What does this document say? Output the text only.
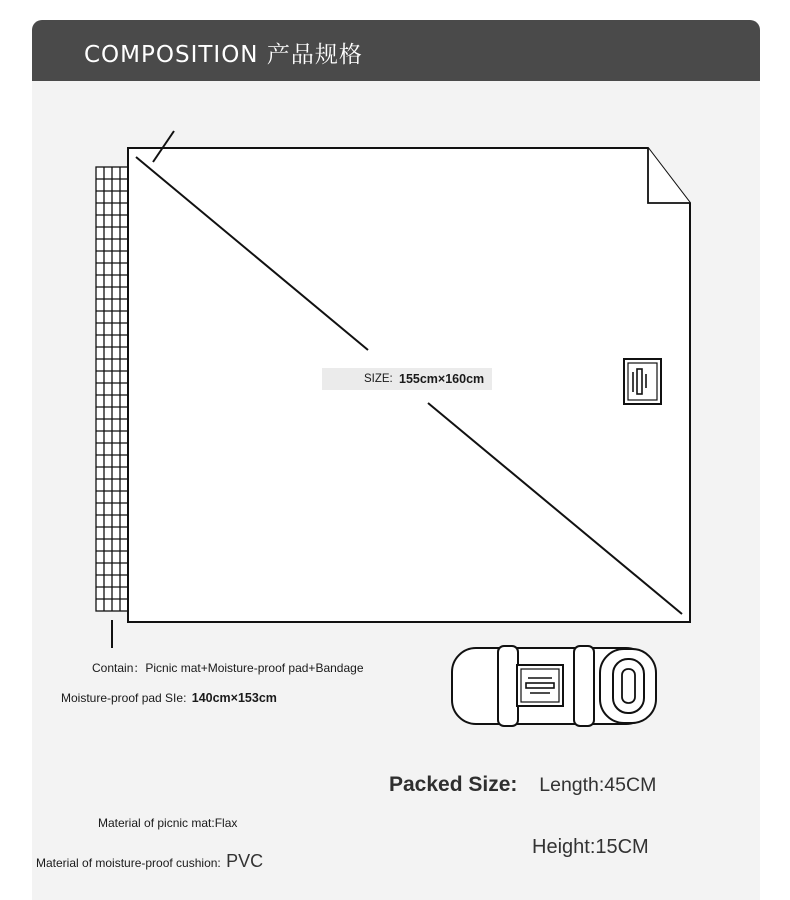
COMPOSITION 产品规格
SIZE: 155cm×160cm
Contain：Picnic mat+Moisture-proof pad+Bandage
Moisture-proof pad SIe: 140cm×153cm
Packed Size: Length:45CM
Height:15CM
Material of picnic mat:Flax
Material of moisture-proof cushion: PVC
